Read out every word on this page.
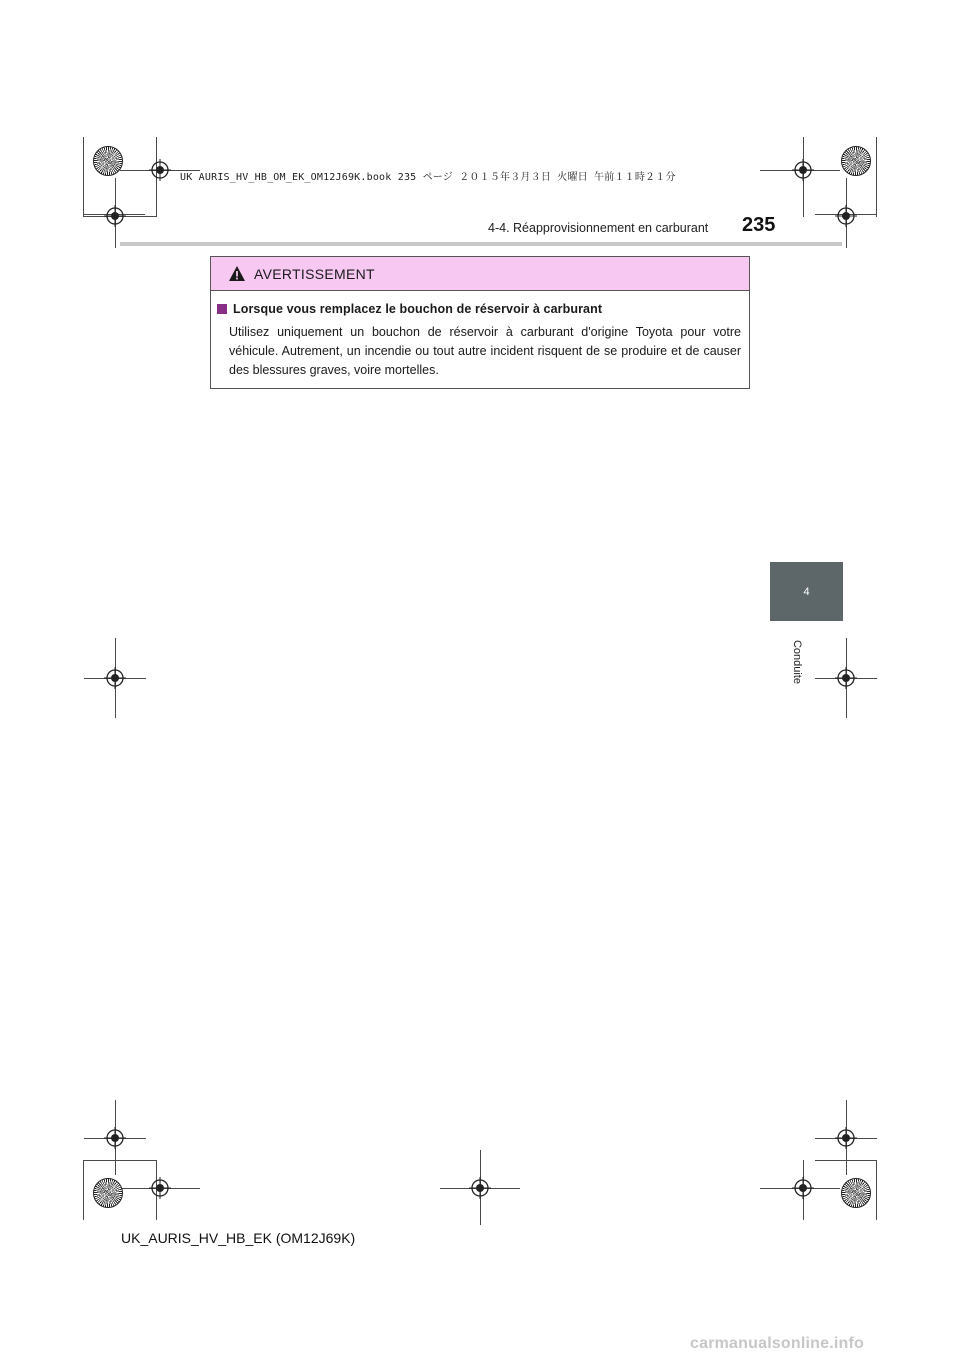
UK AURIS_HV_HB_OM_EK_OM12J69K.book 235 ページ ２０１５年３月３日 火曜日 午前１１時２１分
4-4. Réapprovisionnement en carburant 235
AVERTISSEMENT
Lorsque vous remplacez le bouchon de réservoir à carburant
Utilisez uniquement un bouchon de réservoir à carburant d'origine Toyota pour votre véhicule. Autrement, un incendie ou tout autre incident risquent de se produire et de causer des blessures graves, voire mortelles.
4
Conduite
UK_AURIS_HV_HB_EK (OM12J69K)
carmanualsonline.info
